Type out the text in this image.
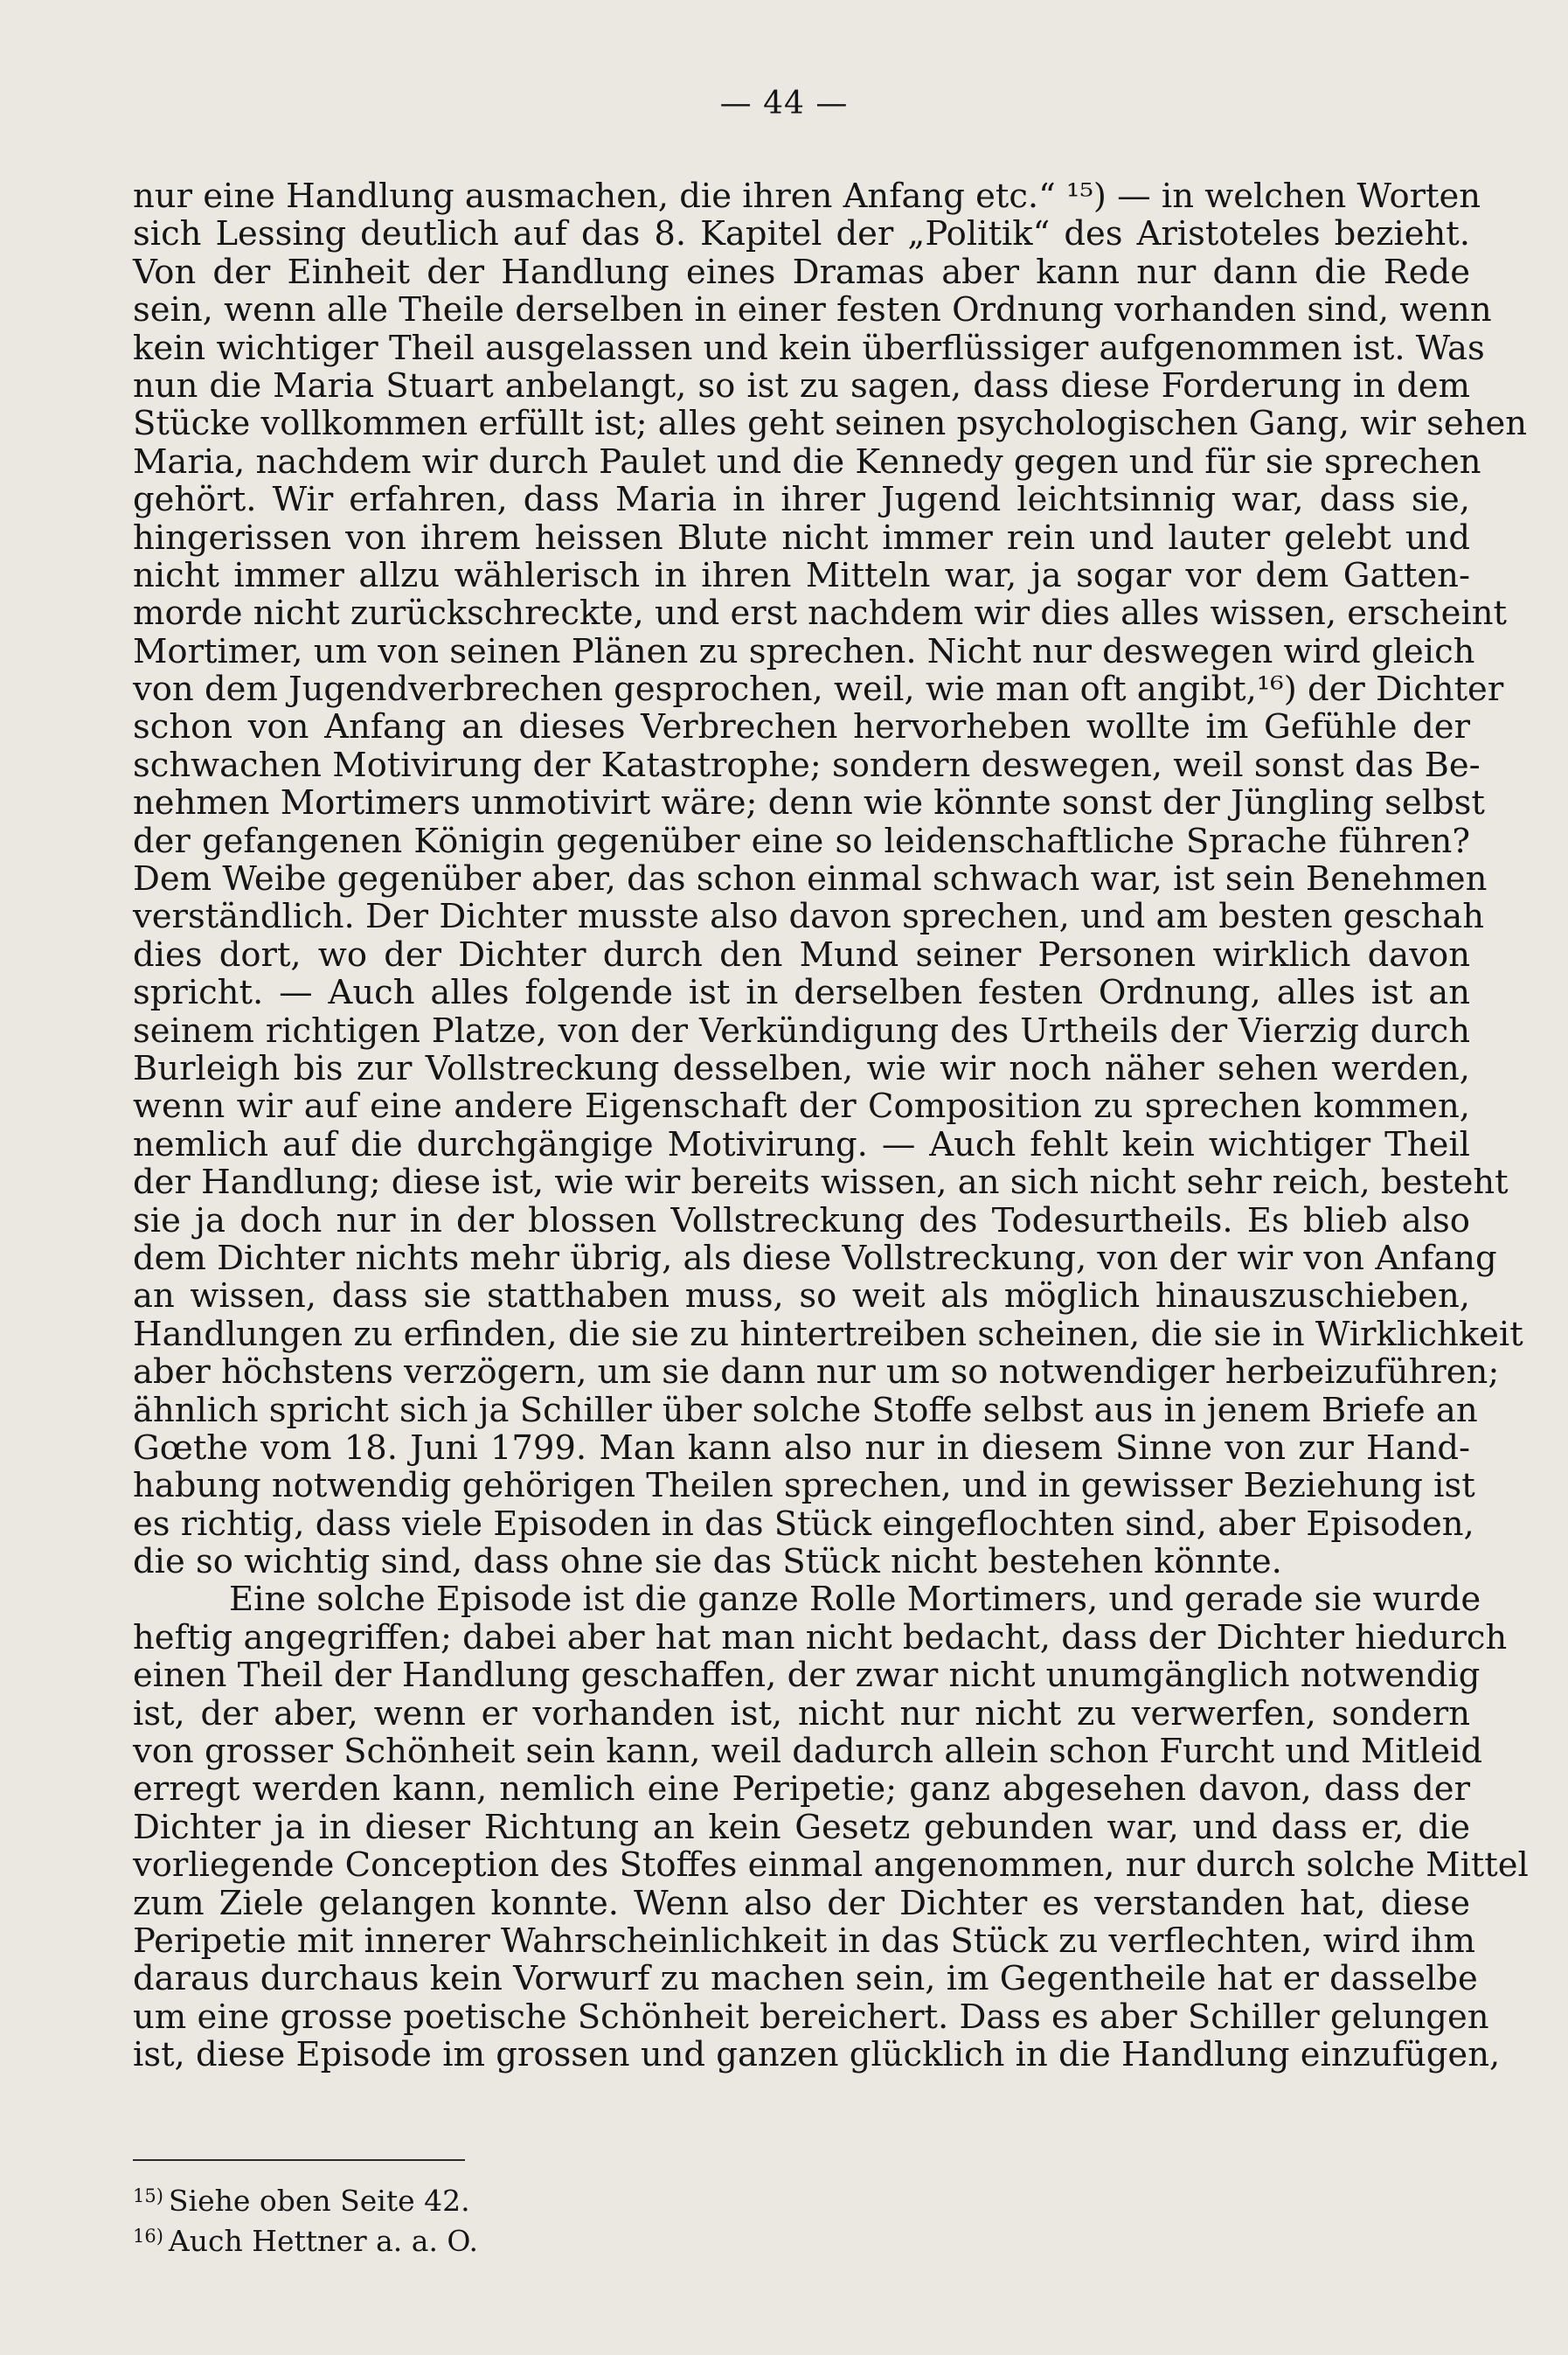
— 44 —
nur eine Handlung ausmachen, die ihren Anfang etc.“ ¹⁵) — in welchen Worten
sich Lessing deutlich auf das 8. Kapitel der „Politik“ des Aristoteles bezieht.
Von der Einheit der Handlung eines Dramas aber kann nur dann die Rede
sein, wenn alle Theile derselben in einer festen Ordnung vorhanden sind, wenn
kein wichtiger Theil ausgelassen und kein überflüssiger aufgenommen ist. Was
nun die Maria Stuart anbelangt, so ist zu sagen, dass diese Forderung in dem
Stücke vollkommen erfüllt ist; alles geht seinen psychologischen Gang, wir sehen
Maria, nachdem wir durch Paulet und die Kennedy gegen und für sie sprechen
gehört. Wir erfahren, dass Maria in ihrer Jugend leichtsinnig war, dass sie,
hingerissen von ihrem heissen Blute nicht immer rein und lauter gelebt und
nicht immer allzu wählerisch in ihren Mitteln war, ja sogar vor dem Gatten-
morde nicht zurückschreckte, und erst nachdem wir dies alles wissen, erscheint
Mortimer, um von seinen Plänen zu sprechen. Nicht nur deswegen wird gleich
von dem Jugendverbrechen gesprochen, weil, wie man oft angibt,¹⁶) der Dichter
schon von Anfang an dieses Verbrechen hervorheben wollte im Gefühle der
schwachen Motivirung der Katastrophe; sondern deswegen, weil sonst das Be-
nehmen Mortimers unmotivirt wäre; denn wie könnte sonst der Jüngling selbst
der gefangenen Königin gegenüber eine so leidenschaftliche Sprache führen?
Dem Weibe gegenüber aber, das schon einmal schwach war, ist sein Benehmen
verständlich. Der Dichter musste also davon sprechen, und am besten geschah
dies dort, wo der Dichter durch den Mund seiner Personen wirklich davon
spricht. — Auch alles folgende ist in derselben festen Ordnung, alles ist an
seinem richtigen Platze, von der Verkündigung des Urtheils der Vierzig durch
Burleigh bis zur Vollstreckung desselben, wie wir noch näher sehen werden,
wenn wir auf eine andere Eigenschaft der Composition zu sprechen kommen,
nemlich auf die durchgängige Motivirung. — Auch fehlt kein wichtiger Theil
der Handlung; diese ist, wie wir bereits wissen, an sich nicht sehr reich, besteht
sie ja doch nur in der blossen Vollstreckung des Todesurtheils. Es blieb also
dem Dichter nichts mehr übrig, als diese Vollstreckung, von der wir von Anfang
an wissen, dass sie statthaben muss, so weit als möglich hinauszuschieben,
Handlungen zu erfinden, die sie zu hintertreiben scheinen, die sie in Wirklichkeit
aber höchstens verzögern, um sie dann nur um so notwendiger herbeizuführen;
ähnlich spricht sich ja Schiller über solche Stoffe selbst aus in jenem Briefe an
Gœthe vom 18. Juni 1799. Man kann also nur in diesem Sinne von zur Hand-
habung notwendig gehörigen Theilen sprechen, und in gewisser Beziehung ist
es richtig, dass viele Episoden in das Stück eingeflochten sind, aber Episoden,
die so wichtig sind, dass ohne sie das Stück nicht bestehen könnte.
Eine solche Episode ist die ganze Rolle Mortimers, und gerade sie wurde
heftig angegriffen; dabei aber hat man nicht bedacht, dass der Dichter hiedurch
einen Theil der Handlung geschaffen, der zwar nicht unumgänglich notwendig
ist, der aber, wenn er vorhanden ist, nicht nur nicht zu verwerfen, sondern
von grosser Schönheit sein kann, weil dadurch allein schon Furcht und Mitleid
erregt werden kann, nemlich eine Peripetie; ganz abgesehen davon, dass der
Dichter ja in dieser Richtung an kein Gesetz gebunden war, und dass er, die
vorliegende Conception des Stoffes einmal angenommen, nur durch solche Mittel
zum Ziele gelangen konnte. Wenn also der Dichter es verstanden hat, diese
Peripetie mit innerer Wahrscheinlichkeit in das Stück zu verflechten, wird ihm
daraus durchaus kein Vorwurf zu machen sein, im Gegentheile hat er dasselbe
um eine grosse poetische Schönheit bereichert. Dass es aber Schiller gelungen
ist, diese Episode im grossen und ganzen glücklich in die Handlung einzufügen,
$^{15)}$ Siehe oben Seite 42.
$^{16)}$ Auch Hettner a. a. O.
